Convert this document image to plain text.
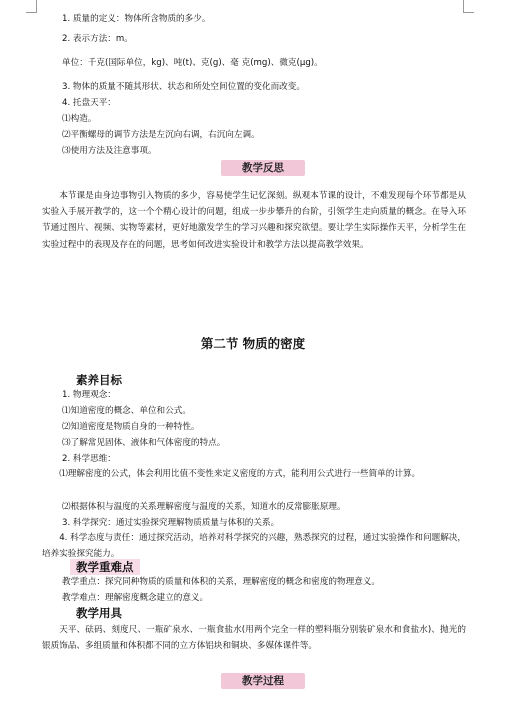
1. 质量的定义：物体所含物质的多少。
2. 表示方法：m。
单位：千克(国际单位，kg)、吨(t)、克(g)、毫 克(mg)、微克(μg)。
3. 物体的质量不随其形状、状态和所处空间位置的变化而改变。
4. 托盘天平：
⑴构造。
⑵平衡螺母的调节方法是左沉向右调，右沉向左调。
⑶使用方法及注意事项。
教学反思
本节课是由身边事物引入物质的多少，容易使学生记忆深刻。纵观本节课的设计，不难发现每个环节都是从实验入手展开教学的，这一个个精心设计的问题，组成一步步攀升的台阶，引领学生走向质量的概念。在导入环节通过图片、视频、实物等素材，更好地激发学生的学习兴趣和探究欲望。要让学生实际操作天平，分析学生在实验过程中的表现及存在的问题，思考如何改进实验设计和教学方法以提高教学效果。
第二节 物质的密度
素养目标
1. 物理观念：
⑴知道密度的概念、单位和公式。
⑵知道密度是物质自身的一种特性。
⑶了解常见固体、液体和气体密度的特点。
2. 科学思维：
⑴理解密度的公式，体会利用比值不变性来定义密度的方式，能利用公式进行一些简单的计算。
⑵根据体积与温度的关系理解密度与温度的关系，知道水的反常膨胀原理。
3. 科学探究：通过实验探究理解物质质量与体积的关系。
4. 科学态度与责任：通过探究活动，培养对科学探究的兴趣，熟悉探究的过程，通过实验操作和问题解决，培养实验探究能力。
教学重难点
教学重点：探究同种物质的质量和体积的关系，理解密度的概念和密度的物理意义。
教学难点：理解密度概念建立的意义。
教学用具
天平、砝码、刻度尺、一瓶矿泉水、一瓶食盐水(用两个完全一样的塑料瓶分别装矿泉水和食盐水)、抛光的银质饰品、多组质量和体积都不同的立方体铝块和铜块、多媒体课件等。
教学过程
